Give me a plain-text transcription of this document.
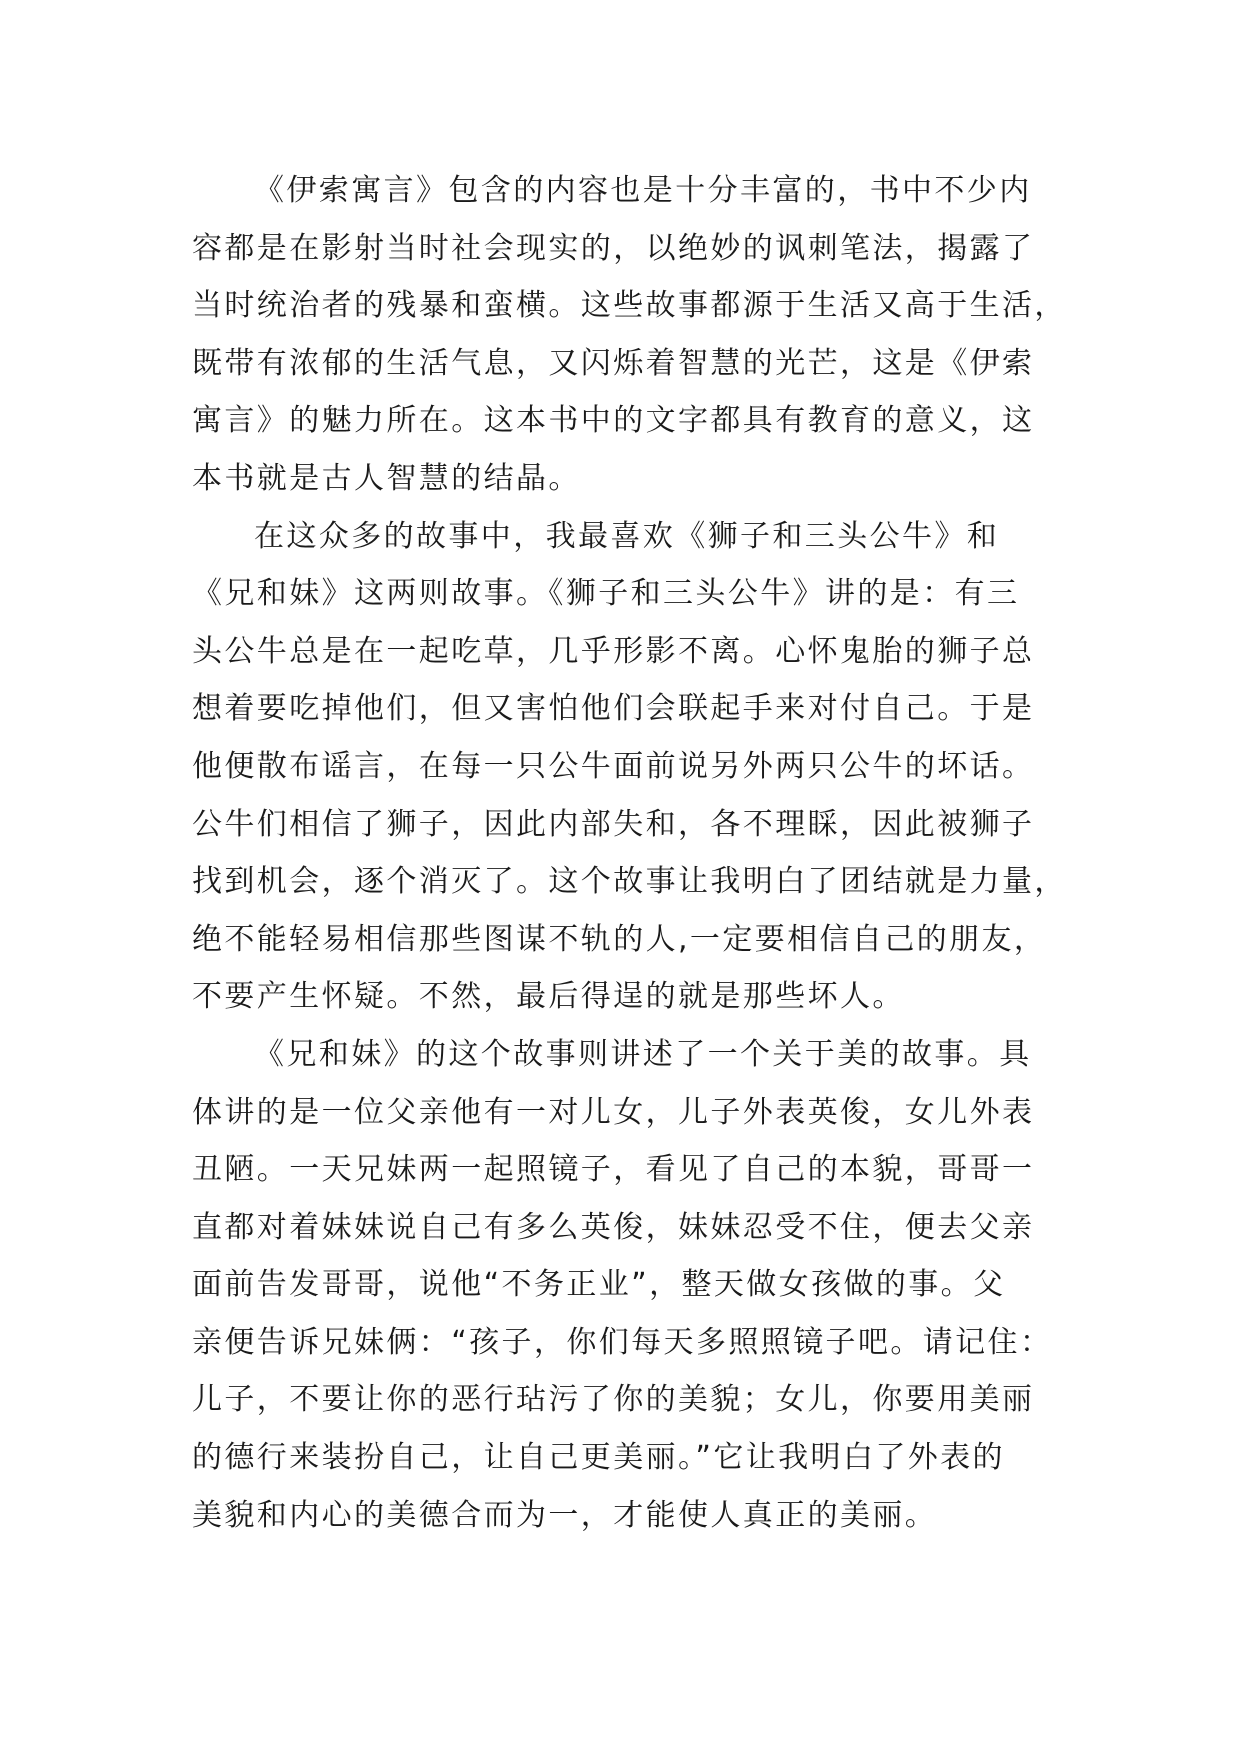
《伊索寓言》包含的内容也是十分丰富的，书中不少内
容都是在影射当时社会现实的，以绝妙的讽刺笔法，揭露了
当时统治者的残暴和蛮横。这些故事都源于生活又高于生活，
既带有浓郁的生活气息，又闪烁着智慧的光芒，这是《伊索
寓言》的魅力所在。这本书中的文字都具有教育的意义，这
本书就是古人智慧的结晶。
在这众多的故事中，我最喜欢《狮子和三头公牛》和
《兄和妹》这两则故事。《狮子和三头公牛》讲的是：有三
头公牛总是在一起吃草，几乎形影不离。心怀鬼胎的狮子总
想着要吃掉他们，但又害怕他们会联起手来对付自己。于是
他便散布谣言，在每一只公牛面前说另外两只公牛的坏话。
公牛们相信了狮子，因此内部失和，各不理睬，因此被狮子
找到机会，逐个消灭了。这个故事让我明白了团结就是力量，
绝不能轻易相信那些图谋不轨的人,一定要相信自己的朋友，
不要产生怀疑。不然，最后得逞的就是那些坏人。
《兄和妹》的这个故事则讲述了一个关于美的故事。具
体讲的是一位父亲他有一对儿女，儿子外表英俊，女儿外表
丑陋。一天兄妹两一起照镜子，看见了自己的本貌，哥哥一
直都对着妹妹说自己有多么英俊，妹妹忍受不住，便去父亲
面前告发哥哥，说他“不务正业”，整天做女孩做的事。父
亲便告诉兄妹俩：“孩子，你们每天多照照镜子吧。请记住：
儿子，不要让你的恶行玷污了你的美貌；女儿，你要用美丽
的德行来装扮自己，让自己更美丽。”它让我明白了外表的
美貌和内心的美德合而为一，才能使人真正的美丽。
